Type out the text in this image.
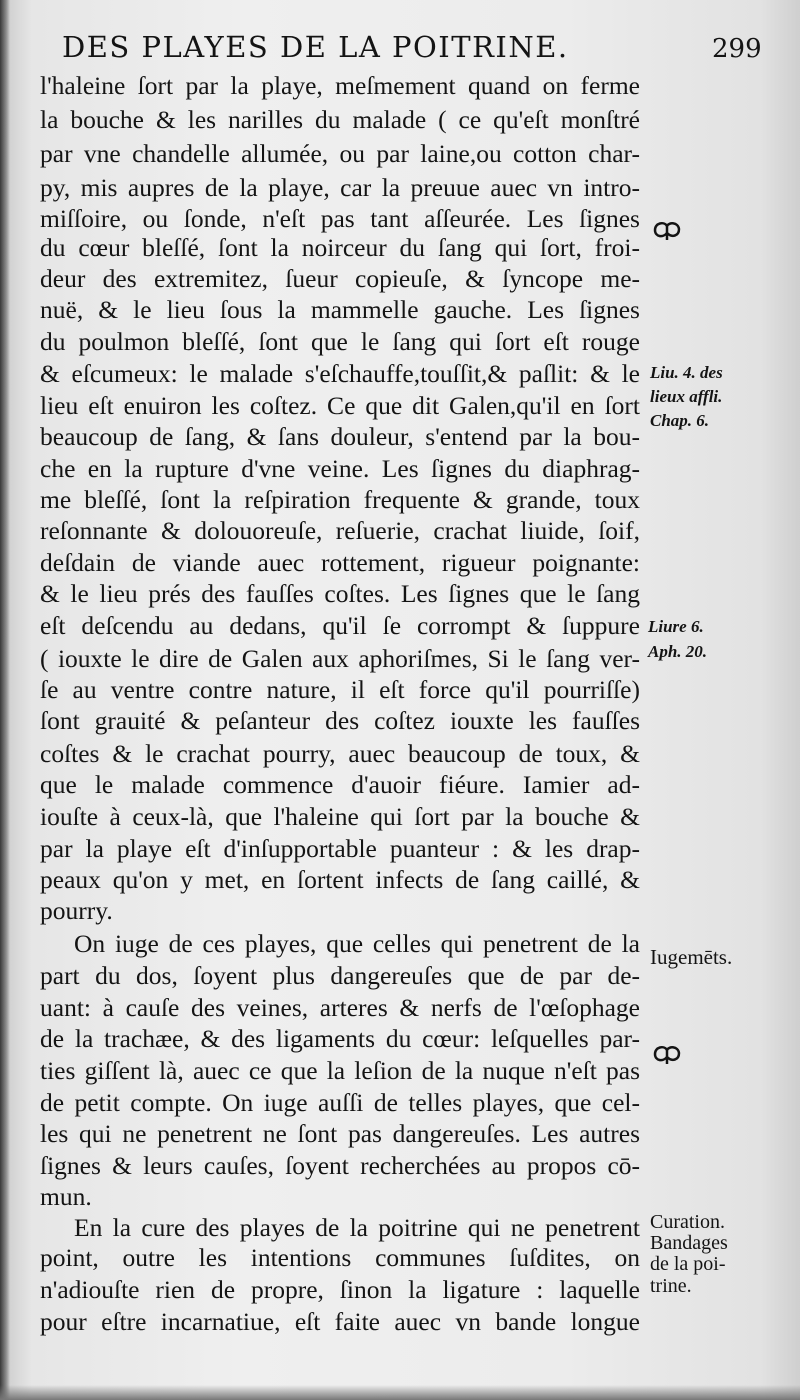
DES PLAYES DE LA POITRINE.	299
l'haleine ſort par la playe, meſmement quand on ferme
la bouche & les narilles du malade ( ce qu'eſt monſtré
par vne chandelle allumée, ou par laine,ou cotton char-
py, mis aupres de la playe, car la preuue auec vn intro-
miſſoire, ou ſonde, n'eſt pas tant aſſeurée. Les ſignes
du cœur bleſſé, ſont la noirceur du ſang qui ſort, froi-
deur des extremitez, ſueur copieuſe, & ſyncope me-
nuë, & le lieu ſous la mammelle gauche. Les ſignes
du poulmon bleſſé, ſont que le ſang qui ſort eſt rouge
& eſcumeux: le malade s'eſchauffe,touſſit,& paſlit: & le
lieu eſt enuiron les coſtez. Ce que dit Galen,qu'il en ſort
beaucoup de ſang, & ſans douleur, s'entend par la bou-
che en la rupture d'vne veine. Les ſignes du diaphrag-
me bleſſé, ſont la reſpiration frequente & grande, toux
reſonnante & dolouoreuſe, reſuerie, crachat liuide, ſoif,
deſdain de viande auec rottement, rigueur poignante:
& le lieu prés des fauſſes coſtes. Les ſignes que le ſang
eſt deſcendu au dedans, qu'il ſe corrompt & ſuppure
( iouxte le dire de Galen aux aphoriſmes, Si le ſang ver-
ſe au ventre contre nature, il eſt force qu'il pourriſſe)
ſont grauité & peſanteur des coſtez iouxte les fauſſes
coſtes & le crachat pourry, auec beaucoup de toux, &
que le malade commence d'auoir fiéure. Iamier ad-
iouſte à ceux-là, que l'haleine qui ſort par la bouche &
par la playe eſt d'inſupportable puanteur : & les drap-
peaux qu'on y met, en ſortent infects de ſang caillé, &
pourry.
On iuge de ces playes, que celles qui penetrent de la
part du dos, ſoyent plus dangereuſes que de par de-
uant: à cauſe des veines, arteres & nerfs de l'œſophage
de la trachæe, & des ligaments du cœur: leſquelles par-
ties giſſent là, auec ce que la leſion de la nuque n'eſt pas
de petit compte. On iuge auſſi de telles playes, que cel-
les qui ne penetrent ne ſont pas dangereuſes. Les autres
ſignes & leurs cauſes, ſoyent recherchées au propos cō-
mun.
En la cure des playes de la poitrine qui ne penetrent
point, outre les intentions communes ſuſdites, on
n'adiouſte rien de propre, ſinon la ligature : laquelle
pour eſtre incarnatiue, eſt faite auec vn bande longue
Liu. 4. des
lieux affli.
Chap. 6.
Liure 6.
Aph. 20.
Iugemēts.
Curation.
Bandages
de la poi-
trine.
